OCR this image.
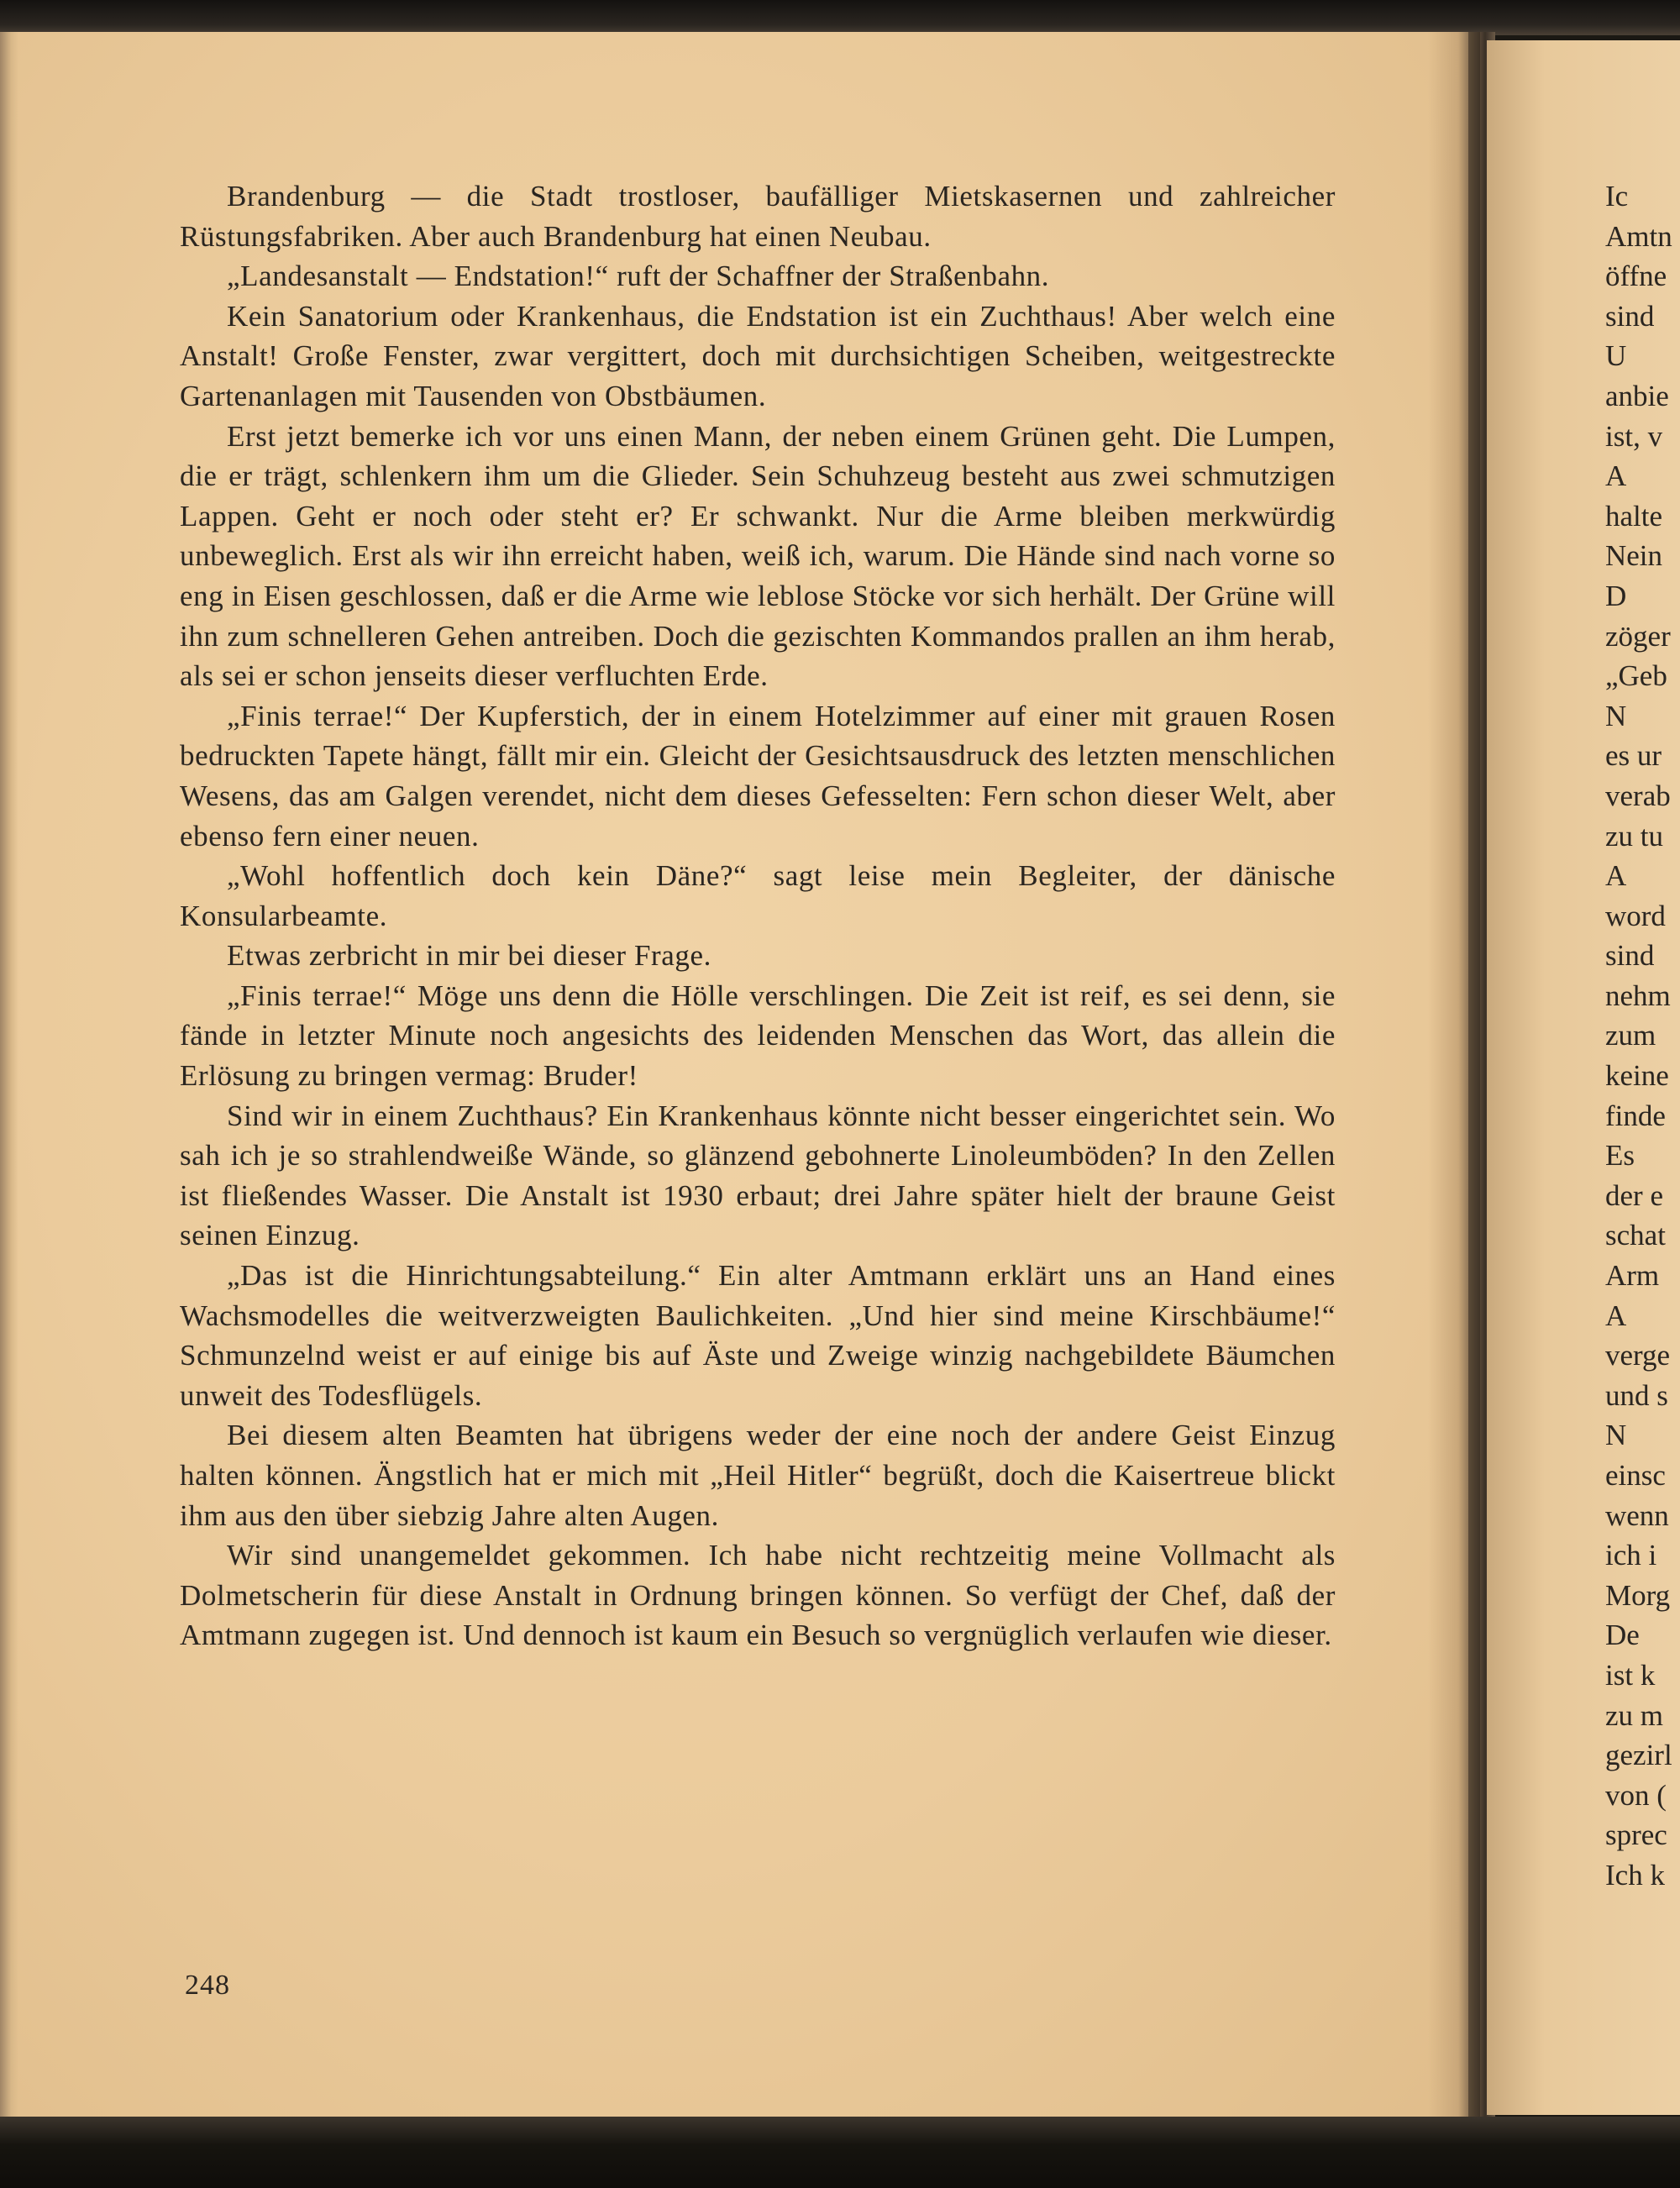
Brandenburg — die Stadt trostloser, baufälliger Mietskasernen und zahlreicher Rüstungsfabriken. Aber auch Brandenburg hat einen Neubau.

„Landesanstalt — Endstation!“ ruft der Schaffner der Straßenbahn.

Kein Sanatorium oder Krankenhaus, die Endstation ist ein Zuchthaus! Aber welch eine Anstalt! Große Fenster, zwar vergittert, doch mit durchsichtigen Scheiben, weitgestreckte Gartenanlagen mit Tausenden von Obstbäumen.

Erst jetzt bemerke ich vor uns einen Mann, der neben einem Grünen geht. Die Lumpen, die er trägt, schlenkern ihm um die Glieder. Sein Schuhzeug besteht aus zwei schmutzigen Lappen. Geht er noch oder steht er? Er schwankt. Nur die Arme bleiben merkwürdig unbeweglich. Erst als wir ihn erreicht haben, weiß ich, warum. Die Hände sind nach vorne so eng in Eisen geschlossen, daß er die Arme wie leblose Stöcke vor sich herhält. Der Grüne will ihn zum schnelleren Gehen antreiben. Doch die gezischten Kommandos prallen an ihm herab, als sei er schon jenseits dieser verfluchten Erde.

„Finis terrae!“ Der Kupferstich, der in einem Hotelzimmer auf einer mit grauen Rosen bedruckten Tapete hängt, fällt mir ein. Gleicht der Gesichtsausdruck des letzten menschlichen Wesens, das am Galgen verendet, nicht dem dieses Gefesselten: Fern schon dieser Welt, aber ebenso fern einer neuen.

„Wohl hoffentlich doch kein Däne?“ sagt leise mein Begleiter, der dänische Konsularbeamte.

Etwas zerbricht in mir bei dieser Frage.

„Finis terrae!“ Möge uns denn die Hölle verschlingen. Die Zeit ist reif, es sei denn, sie fände in letzter Minute noch angesichts des leidenden Menschen das Wort, das allein die Erlösung zu bringen vermag: Bruder!

Sind wir in einem Zuchthaus? Ein Krankenhaus könnte nicht besser eingerichtet sein. Wo sah ich je so strahlendweiße Wände, so glänzend gebohnerte Linoleumböden? In den Zellen ist fließendes Wasser. Die Anstalt ist 1930 erbaut; drei Jahre später hielt der braune Geist seinen Einzug.

„Das ist die Hinrichtungsabteilung.“ Ein alter Amtmann erklärt uns an Hand eines Wachsmodelles die weitverzweigten Baulichkeiten. „Und hier sind meine Kirschbäume!“ Schmunzelnd weist er auf einige bis auf Äste und Zweige winzig nachgebildete Bäumchen unweit des Todesflügels.

Bei diesem alten Beamten hat übrigens weder der eine noch der andere Geist Einzug halten können. Ängstlich hat er mich mit „Heil Hitler“ begrüßt, doch die Kaisertreue blickt ihm aus den über siebzig Jahre alten Augen.

Wir sind unangemeldet gekommen. Ich habe nicht rechtzeitig meine Vollmacht als Dolmetscherin für diese Anstalt in Ordnung bringen können. So verfügt der Chef, daß der Amtmann zugegen ist. Und dennoch ist kaum ein Besuch so vergnüglich verlaufen wie dieser.

248
Ic
Amtn
öffne
sind
U
anbie
ist, v
A
halte
Nein
D
zöger
„Geb
N
es ur
verab
zu tu
A
word
sind
nehm
zum
keine
finde
Es
der e
schat
Arm
A
verge
und s
N
einsc
wenn
ich i
Morg
De
ist k
zu m
gezirl
von (
sprec
Ich k
